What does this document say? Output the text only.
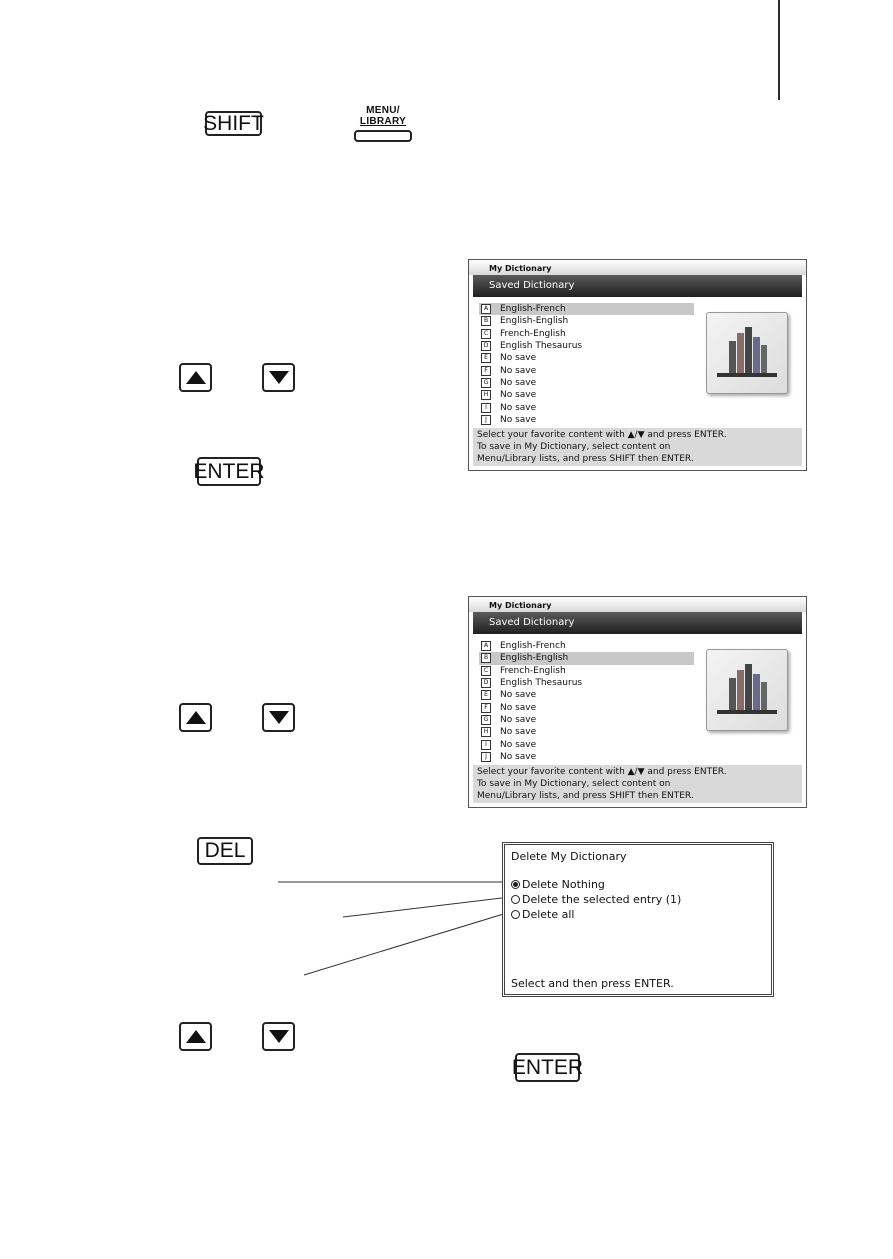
SHIFT
MENU/
LIBRARY
ENTER
My Dictionary
Saved Dictionary
A	English-French
B	English-English
C	French-English
D English Thesaurus
E	No save
F	No save
G No save
H	No save
I	No save
J	No save
Select your favorite content with ▲/▼ and press ENTER.
To save in My Dictionary, select content on
Menu/Library lists, and press SHIFT then ENTER.
My Dictionary
Saved Dictionary
A	English-French
B	English-English
C	French-English
D English Thesaurus
E	No save
F	No save
G No save
H	No save
I	No save
J	No save
Select your favorite content with ▲/▼ and press ENTER.
To save in My Dictionary, select content on
Menu/Library lists, and press SHIFT then ENTER.
DEL	Delete My Dictionary
Delete Nothing
Delete the selected entry (1)
Delete all
Select and then press ENTER.
ENTER
